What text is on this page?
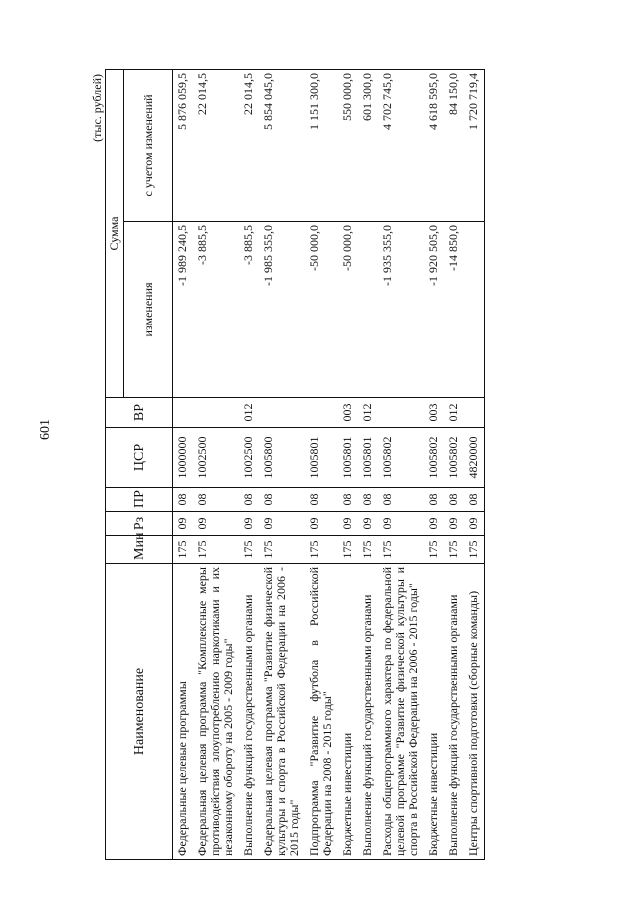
601
(тыс. рублей)
Наименование	Мин	Рз	ПР	ЦСР	ВР	Сумма	
						изменения	с учетом изменений
Федеральные целевые программы	175	09	08	1000000		-1 989 240,5	5 876 059,5
Федеральная целевая программа "Комплексные меры противодействия злоупотреблению наркотиками и их незаконному обороту на 2005 - 2009 годы"	175	09	08	1002500		-3 885,5	22 014,5
Выполнение функций государственными органами	175	09	08	1002500	012	-3 885,5	22 014,5
Федеральная целевая программа "Развитие физической культуры и спорта в Российской Федерации на 2006 - 2015 годы"	175	09	08	1005800		-1 985 355,0	5 854 045,0
Подпрограмма "Развитие футбола в Российской Федерации на 2008 - 2015 годы"	175	09	08	1005801		-50 000,0	1 151 300,0
Бюджетные инвестиции	175	09	08	1005801	003	-50 000,0	550 000,0
Выполнение функций государственными органами	175	09	08	1005801	012		601 300,0
Расходы общепрограммного характера по федеральной целевой программе "Развитие физической культуры и спорта в Российской Федерации на 2006 - 2015 годы"	175	09	08	1005802		-1 935 355,0	4 702 745,0
Бюджетные инвестиции	175	09	08	1005802	003	-1 920 505,0	4 618 595,0
Выполнение функций государственными органами	175	09	08	1005802	012	-14 850,0	84 150,0
Центры спортивной подготовки (сборные команды)	175	09	08	4820000			1 720 719,4
